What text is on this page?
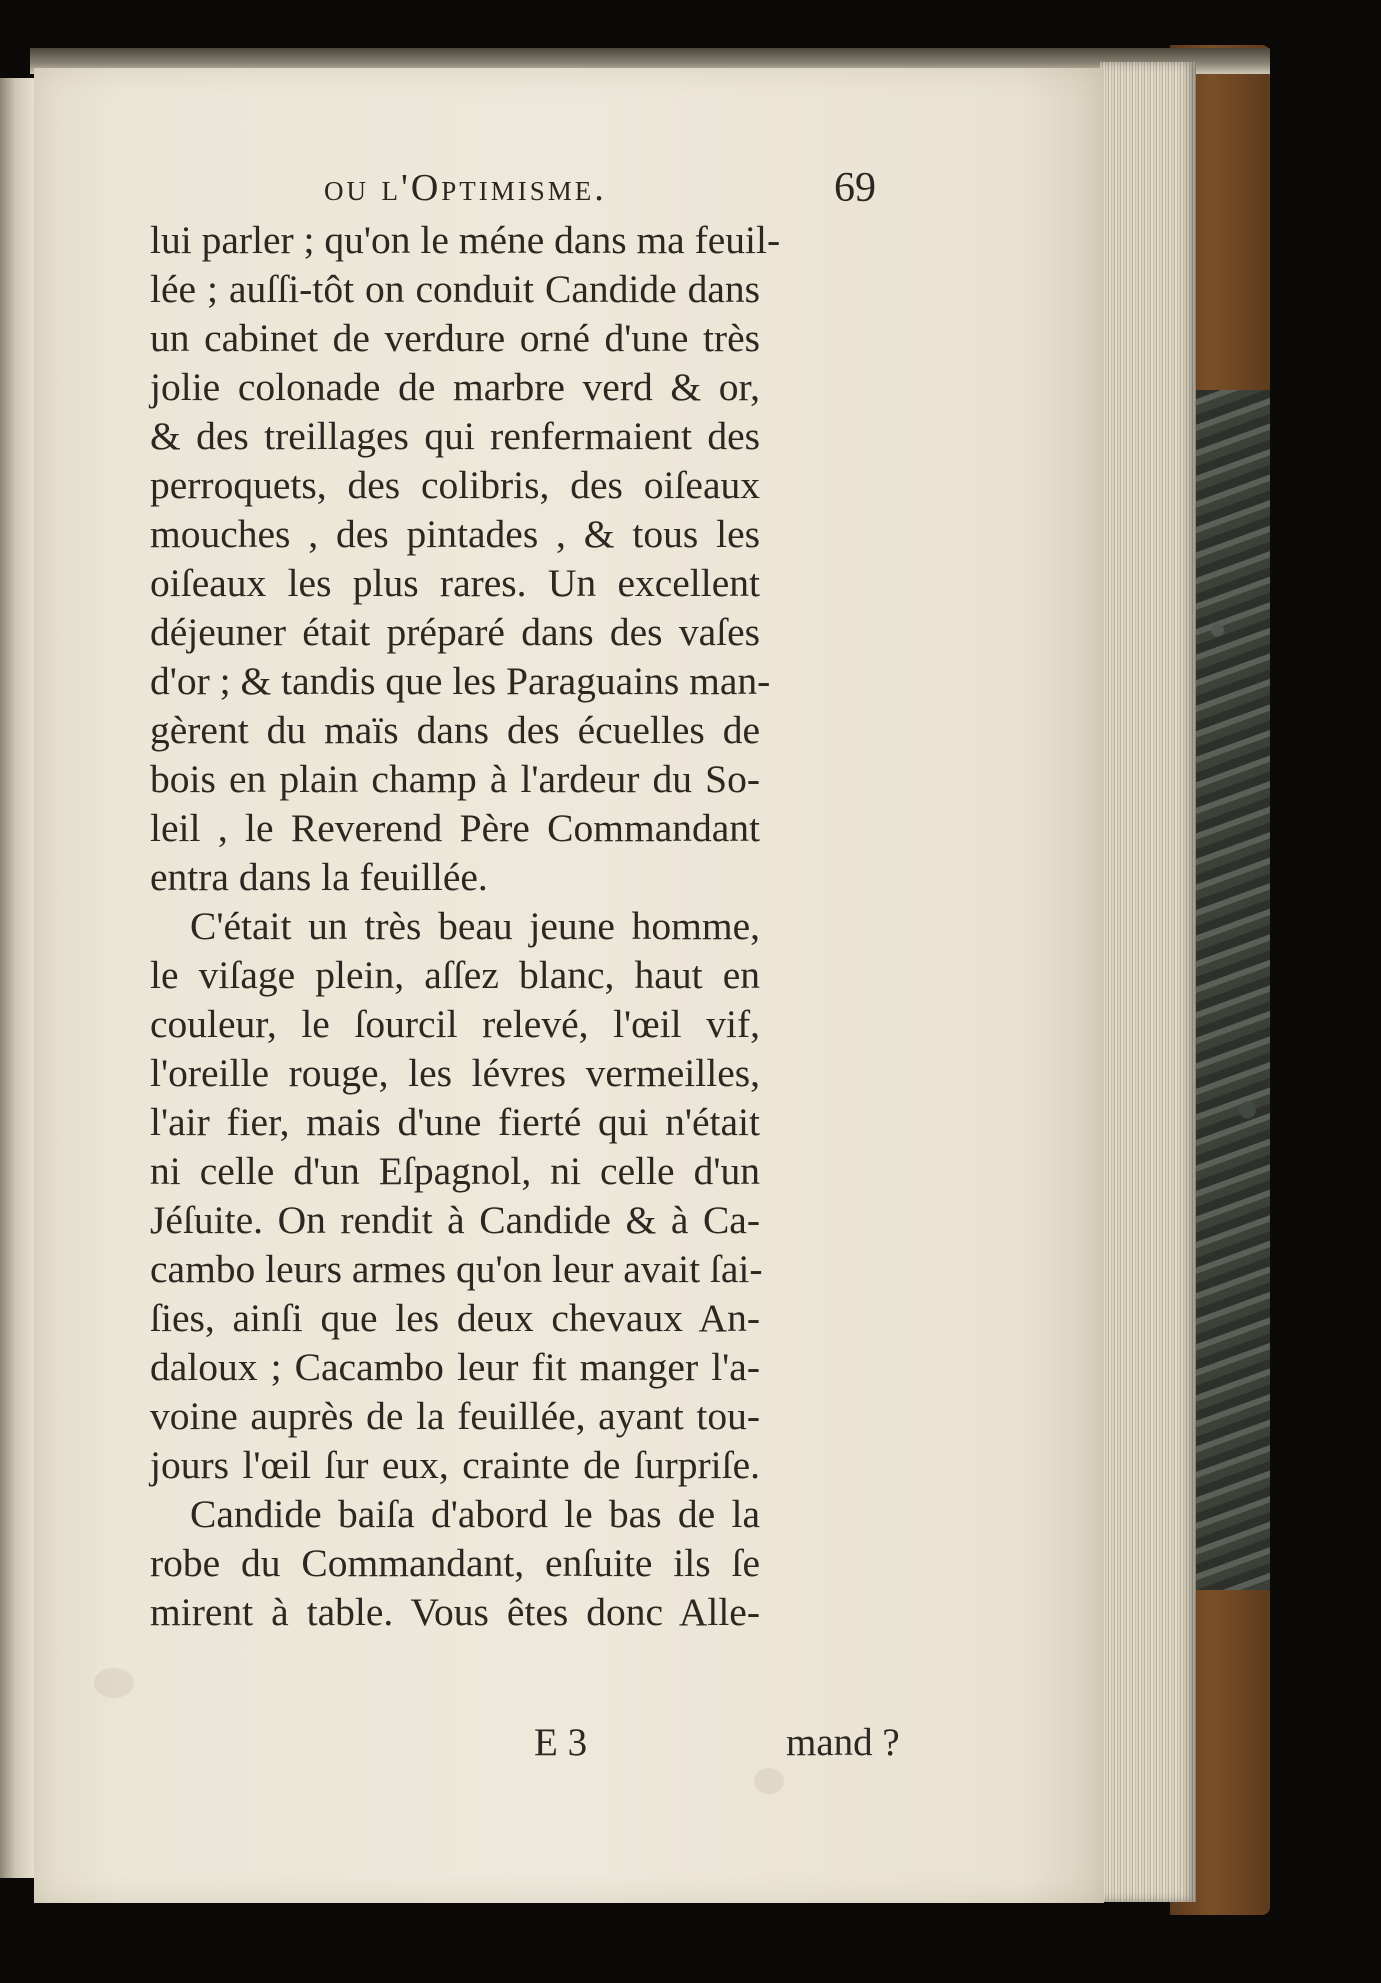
ou l'Optimisme.	69
lui parler ; qu'on le méne dans ma feuil-
lée ; auſſi-tôt on conduit Candide dans
un cabinet de verdure orné d'une très
jolie colonade de marbre verd & or,
& des treillages qui renfermaient des
perroquets, des colibris, des oiſeaux
mouches , des pintades , & tous les
oiſeaux les plus rares. Un excellent
déjeuner était préparé dans des vaſes
d'or ; & tandis que les Paraguains man-
gèrent du maïs dans des écuelles de
bois en plain champ à l'ardeur du So-
leil , le Reverend Père Commandant
entra dans la feuillée.
C'était un très beau jeune homme,
le viſage plein, aſſez blanc, haut en
couleur, le ſourcil relevé, l'œil vif,
l'oreille rouge, les lévres vermeilles,
l'air fier, mais d'une fierté qui n'était
ni celle d'un Eſpagnol, ni celle d'un
Jéſuite. On rendit à Candide & à Ca-
cambo leurs armes qu'on leur avait ſai-
ſies, ainſi que les deux chevaux An-
daloux ; Cacambo leur fit manger l'a-
voine auprès de la feuillée, ayant tou-
jours l'œil ſur eux, crainte de ſurpriſe.
Candide baiſa d'abord le bas de la
robe du Commandant, enſuite ils ſe
mirent à table. Vous êtes donc Alle-
E 3	mand ?
